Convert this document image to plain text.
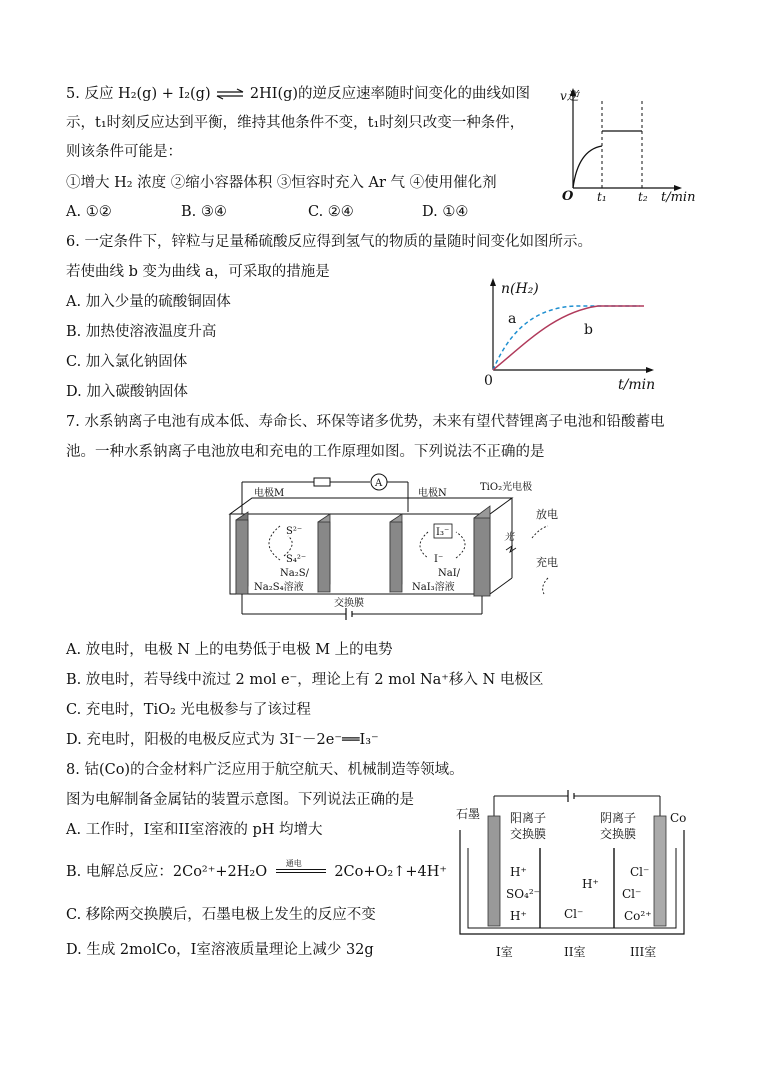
5. 反应 H₂(g) + I₂(g) ⇌ 2HI(g)的逆反应速率随时间变化的曲线如图
示，t₁时刻反应达到平衡，维持其他条件不变，t₁时刻只改变一种条件，
则该条件可能是：
①增大 H₂ 浓度 ②缩小容器体积 ③恒容时充入 Ar 气 ④使用催化剂
A. ①②	B. ③④	C. ②④	D. ①④
v逆
O t₁	t₂ t/min
6. 一定条件下，锌粒与足量稀硫酸反应得到氢气的物质的量随时间变化如图所示。
若使曲线 b 变为曲线 a，可采取的措施是
A. 加入少量的硫酸铜固体
B. 加热使溶液温度升高
C. 加入氯化钠固体
D. 加入碳酸钠固体
n(H₂)
a
b
0	t/min
7. 水系钠离子电池有成本低、寿命长、环保等诸多优势，未来有望代替锂离子电池和铅酸蓄电
池。一种水系钠离子电池放电和充电的工作原理如图。下列说法不正确的是
A
电极M	电极N
TiO₂光电极
S²⁻
S₄²⁻
Na₂S/
Na₂S₄溶液
I₃⁻
I⁻
NaI/
NaI₃溶液
光
放电
充电
交换膜
A. 放电时，电极 N 上的电势低于电极 M 上的电势
B. 放电时，若导线中流过 2 mol e⁻，理论上有 2 mol Na⁺移入 N 电极区
C. 充电时，TiO₂ 光电极参与了该过程
D. 充电时，阳极的电极反应式为 3I⁻－2e⁻══I₃⁻
8. 钴(Co)的合金材料广泛应用于航空航天、机械制造等领域。
图为电解制备金属钴的装置示意图。下列说法正确的是
A. 工作时，I室和II室溶液的 pH 均增大
B. 电解总反应：2Co²⁺+2H₂O
通电
2Co+O₂↑+4H⁺
C. 移除两交换膜后，石墨电极上发生的反应不变
D. 生成 2molCo，I室溶液质量理论上减少 32g
石墨 阳离子
交换膜
阴离子
交换膜
Co
H⁺
SO₄²⁻
H⁺
H⁺
Cl⁻
Cl⁻
Cl⁻
Co²⁺
I室	II室	III室
